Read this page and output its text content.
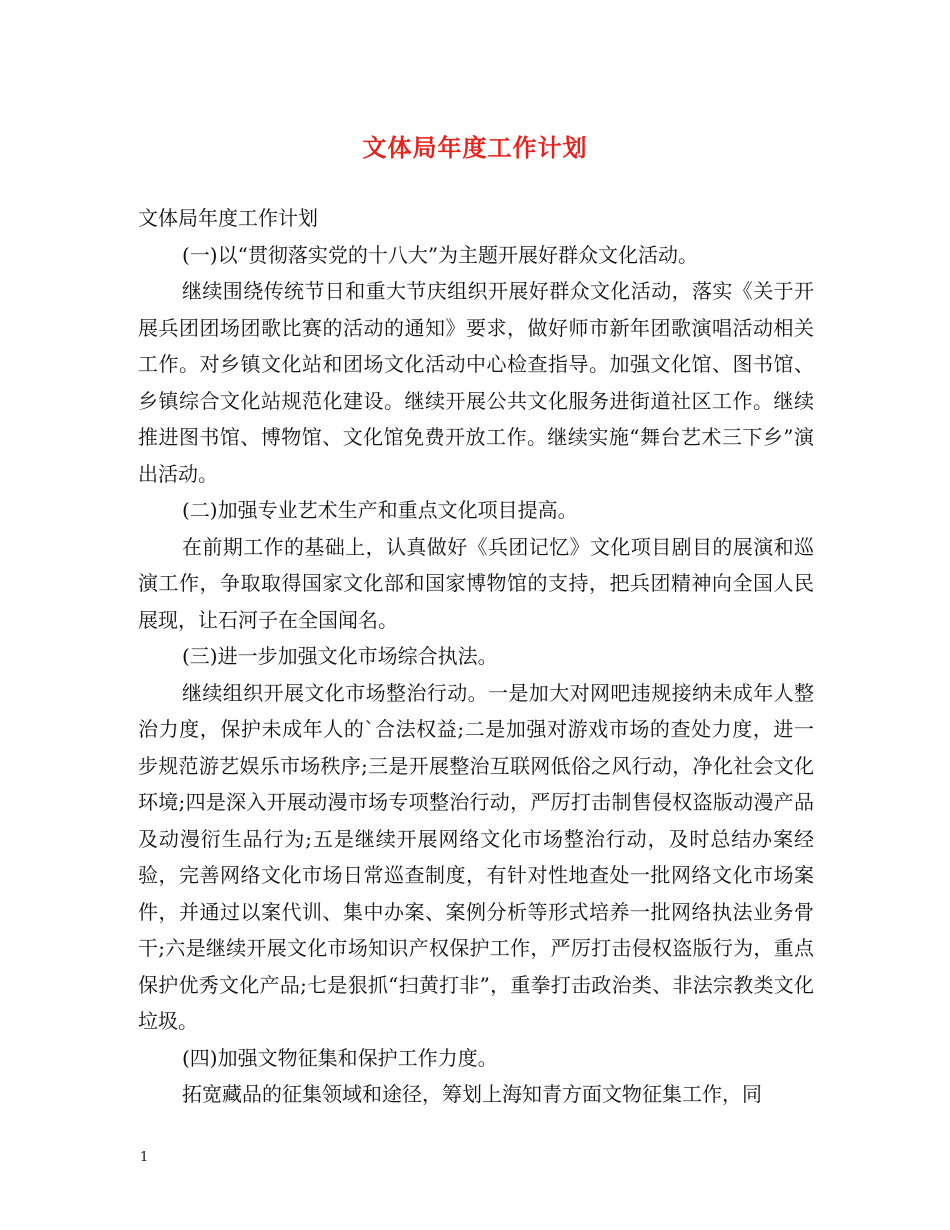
文体局年度工作计划

文体局年度工作计划

(一)以“贯彻落实党的十八大”为主题开展好群众文化活动。

继续围绕传统节日和重大节庆组织开展好群众文化活动，落实《关于开展兵团团场团歌比赛的活动的通知》要求，做好师市新年团歌演唱活动相关工作。对乡镇文化站和团场文化活动中心检查指导。加强文化馆、图书馆、乡镇综合文化站规范化建设。继续开展公共文化服务进街道社区工作。继续推进图书馆、博物馆、文化馆免费开放工作。继续实施“舞台艺术三下乡”演出活动。

(二)加强专业艺术生产和重点文化项目提高。

在前期工作的基础上，认真做好《兵团记忆》文化项目剧目的展演和巡演工作，争取取得国家文化部和国家博物馆的支持，把兵团精神向全国人民展现，让石河子在全国闻名。

(三)进一步加强文化市场综合执法。

继续组织开展文化市场整治行动。一是加大对网吧违规接纳未成年人整治力度，保护未成年人的`合法权益;二是加强对游戏市场的查处力度，进一步规范游艺娱乐市场秩序;三是开展整治互联网低俗之风行动，净化社会文化环境;四是深入开展动漫市场专项整治行动，严厉打击制售侵权盗版动漫产品及动漫衍生品行为;五是继续开展网络文化市场整治行动，及时总结办案经验，完善网络文化市场日常巡查制度，有针对性地查处一批网络文化市场案件，并通过以案代训、集中办案、案例分析等形式培养一批网络执法业务骨干;六是继续开展文化市场知识产权保护工作，严厉打击侵权盗版行为，重点保护优秀文化产品;七是狠抓“扫黄打非”，重拳打击政治类、非法宗教类文化垃圾。

(四)加强文物征集和保护工作力度。

拓宽藏品的征集领域和途径，筹划上海知青方面文物征集工作，同

1
